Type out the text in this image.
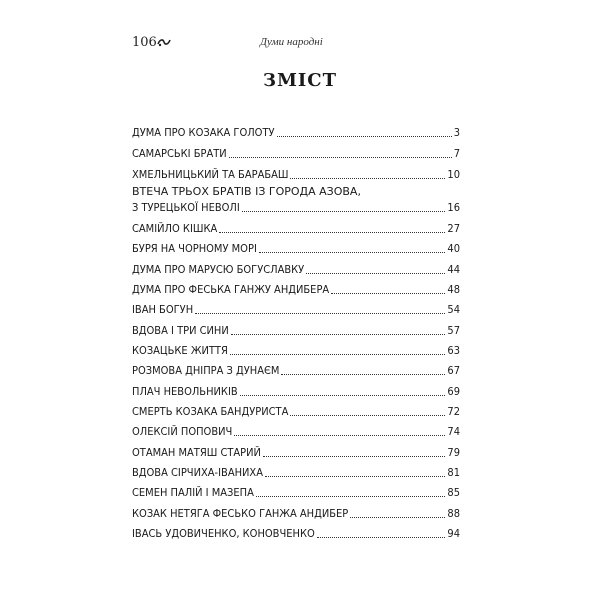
106	Думи народні
ЗМІСТ
ДУМА ПРО КОЗАКА ГОЛОТУ	3
САМАРСЬКІ БРАТИ	7
ХМЕЛЬНИЦЬКИЙ ТА БАРАБАШ	10
ВТЕЧА ТРЬОХ БРАТІВ ІЗ ГОРОДА АЗОВА,
З ТУРЕЦЬКОЇ НЕВОЛІ	16
САМІЙЛО КІШКА	27
БУРЯ НА ЧОРНОМУ МОРІ	40
ДУМА ПРО МАРУСЮ БОГУСЛАВКУ	44
ДУМА ПРО ФЕСЬКА ГАНЖУ АНДИБЕРА	48
ІВАН БОГУН	54
ВДОВА І ТРИ СИНИ	57
КОЗАЦЬКЕ ЖИТТЯ	63
РОЗМОВА ДНІПРА З ДУНАЄМ	67
ПЛАЧ НЕВОЛЬНИКІВ	69
СМЕРТЬ КОЗАКА БАНДУРИСТА	72
ОЛЕКСІЙ ПОПОВИЧ	74
ОТАМАН МАТЯШ СТАРИЙ	79
ВДОВА СІРЧИХА-ІВАНИХА	81
СЕМЕН ПАЛІЙ І МАЗЕПА	85
КОЗАК НЕТЯГА ФЕСЬКО ГАНЖА АНДИБЕР	88
ІВАСЬ УДОВИЧЕНКО, КОНОВЧЕНКО	94
